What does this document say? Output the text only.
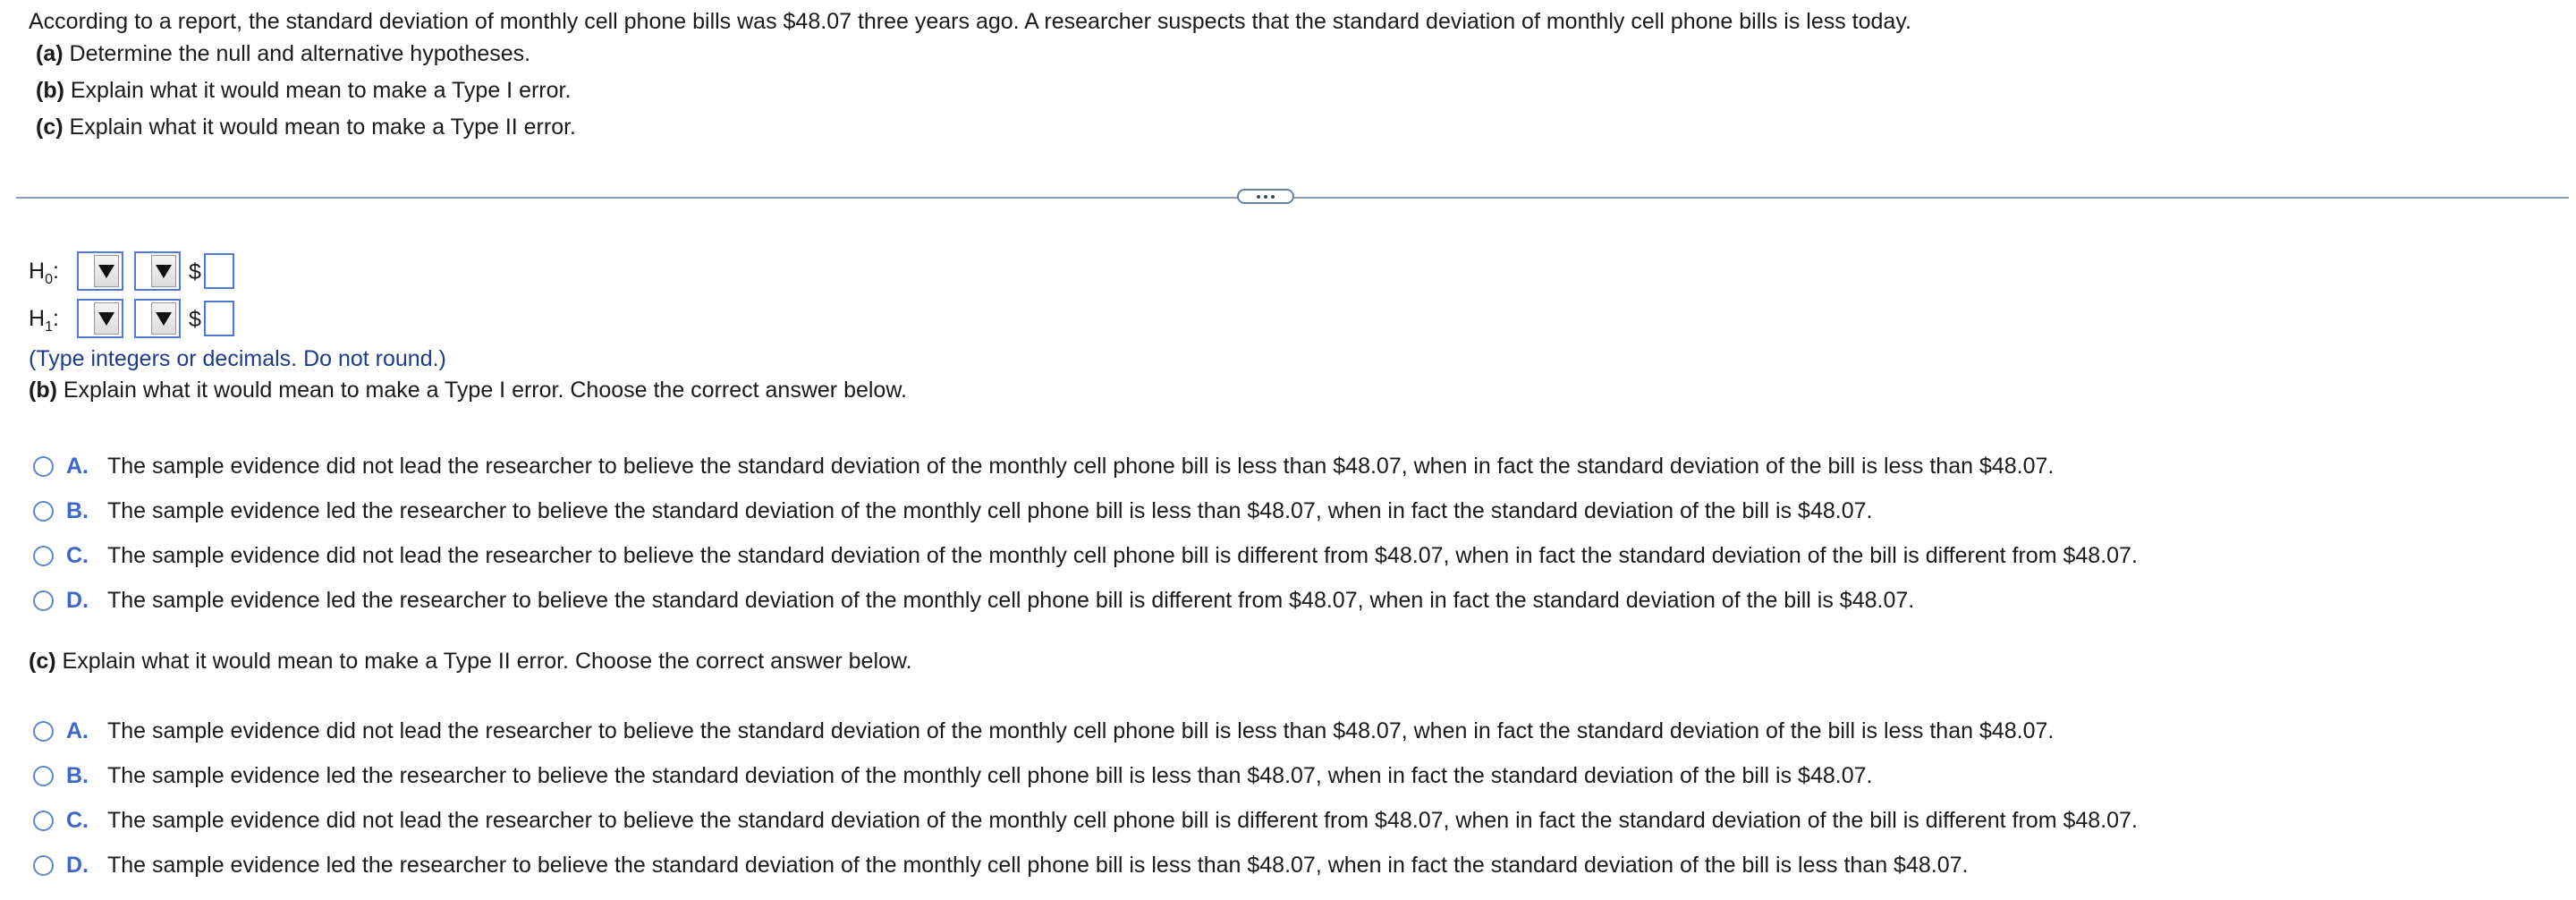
According to a report, the standard deviation of monthly cell phone bills was $48.07 three years ago. A researcher suspects that the standard deviation of monthly cell phone bills is less today.
(a) Determine the null and alternative hypotheses.
(b) Explain what it would mean to make a Type I error.
(c) Explain what it would mean to make a Type II error.
$H_0$:	$
$H_1$:	$
(Type integers or decimals. Do not round.)
(b) Explain what it would mean to make a Type I error. Choose the correct answer below.
A. The sample evidence did not lead the researcher to believe the standard deviation of the monthly cell phone bill is less than $48.07, when in fact the standard deviation of the bill is less than $48.07.
B. The sample evidence led the researcher to believe the standard deviation of the monthly cell phone bill is less than $48.07, when in fact the standard deviation of the bill is $48.07.
C. The sample evidence did not lead the researcher to believe the standard deviation of the monthly cell phone bill is different from $48.07, when in fact the standard deviation of the bill is different from $48.07.
D. The sample evidence led the researcher to believe the standard deviation of the monthly cell phone bill is different from $48.07, when in fact the standard deviation of the bill is $48.07.
(c) Explain what it would mean to make a Type II error. Choose the correct answer below.
A. The sample evidence did not lead the researcher to believe the standard deviation of the monthly cell phone bill is less than $48.07, when in fact the standard deviation of the bill is less than $48.07.
B. The sample evidence led the researcher to believe the standard deviation of the monthly cell phone bill is less than $48.07, when in fact the standard deviation of the bill is $48.07.
C. The sample evidence did not lead the researcher to believe the standard deviation of the monthly cell phone bill is different from $48.07, when in fact the standard deviation of the bill is different from $48.07.
D. The sample evidence led the researcher to believe the standard deviation of the monthly cell phone bill is less than $48.07, when in fact the standard deviation of the bill is less than $48.07.
